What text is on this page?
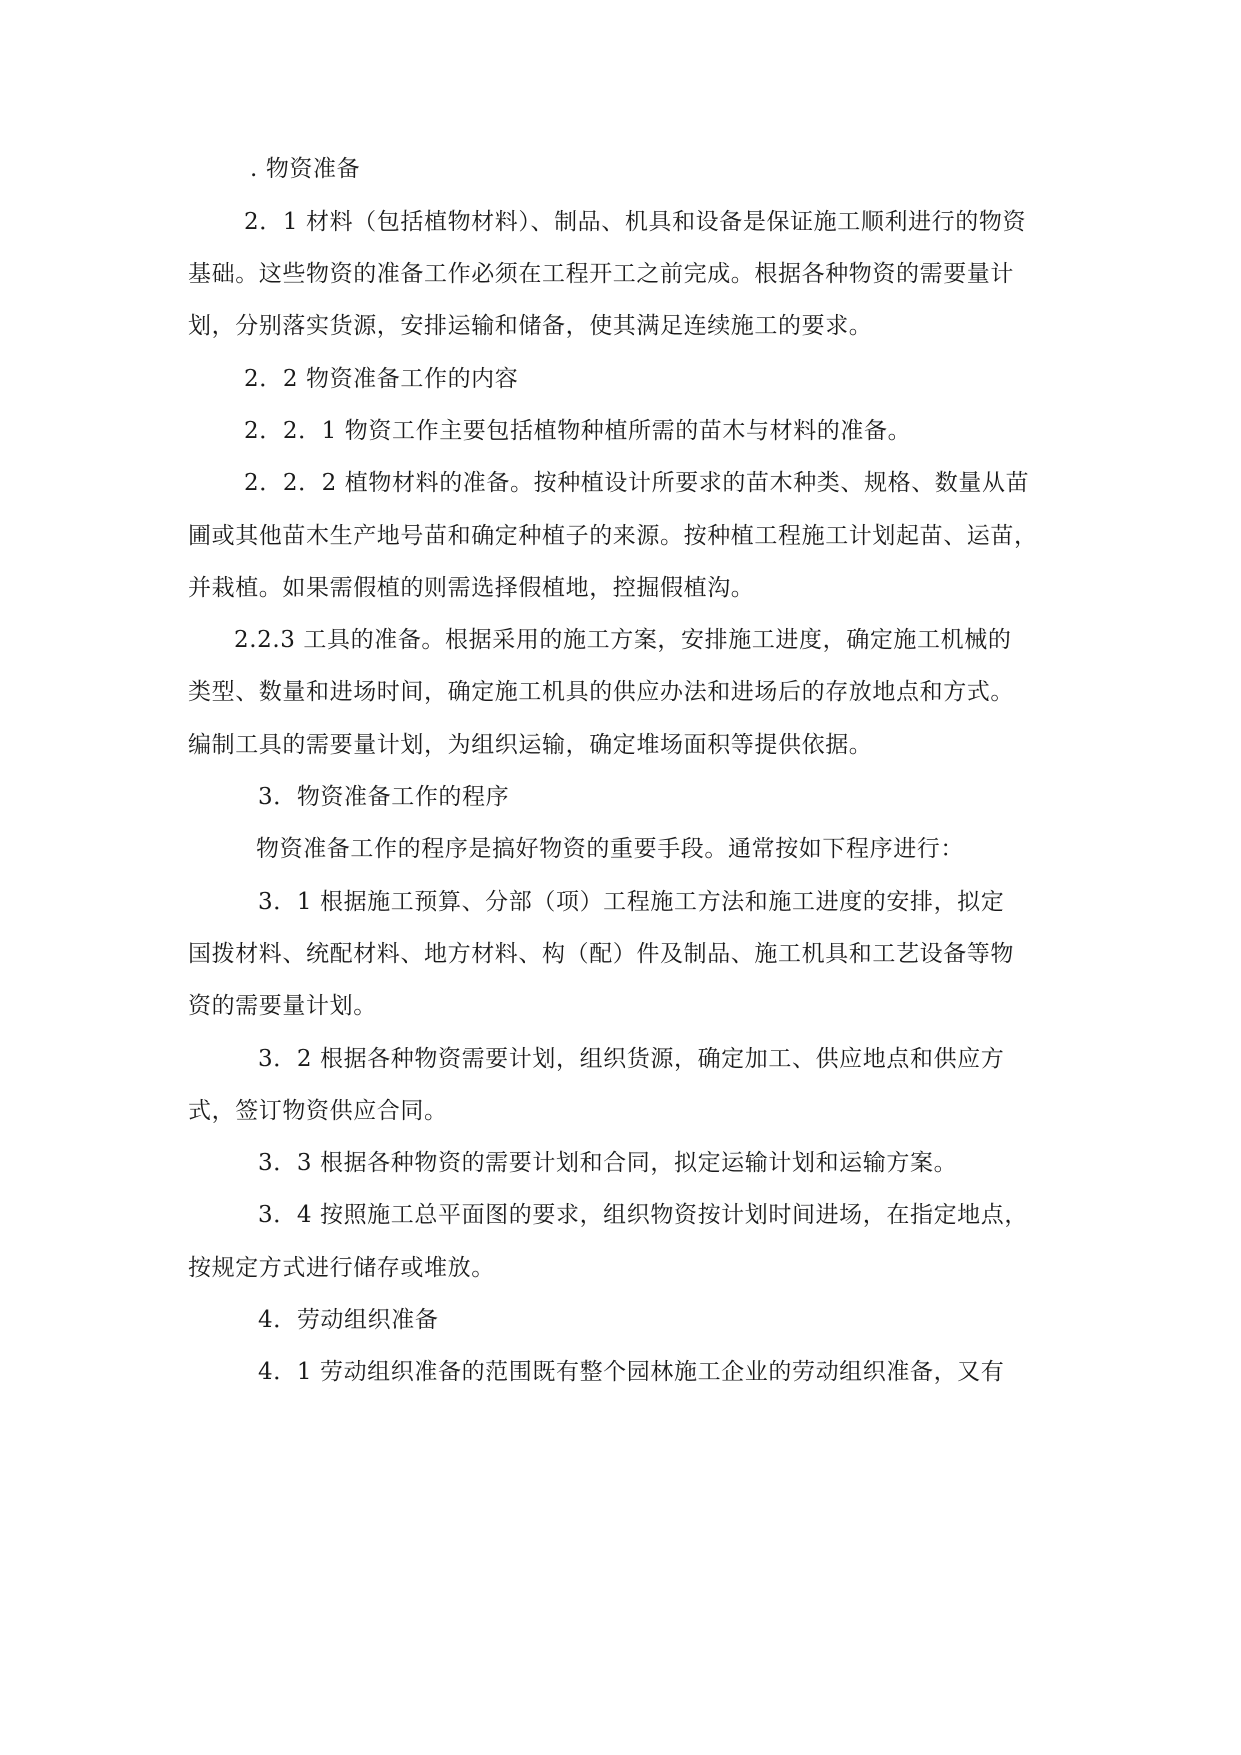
. 物资准备
2．1 材料（包括植物材料）、制品、机具和设备是保证施工顺利进行的物资
基础。这些物资的准备工作必须在工程开工之前完成。根据各种物资的需要量计
划，分别落实货源，安排运输和储备，使其满足连续施工的要求。
2．2 物资准备工作的内容
2．2．1 物资工作主要包括植物种植所需的苗木与材料的准备。
2．2．2 植物材料的准备。按种植设计所要求的苗木种类、规格、数量从苗
圃或其他苗木生产地号苗和确定种植子的来源。按种植工程施工计划起苗、运苗，
并栽植。如果需假植的则需选择假植地，控掘假植沟。
2.2.3 工具的准备。根据采用的施工方案，安排施工进度，确定施工机械的
类型、数量和进场时间，确定施工机具的供应办法和进场后的存放地点和方式。
编制工具的需要量计划，为组织运输，确定堆场面积等提供依据。
3．物资准备工作的程序
物资准备工作的程序是搞好物资的重要手段。通常按如下程序进行：
3．1 根据施工预算、分部（项）工程施工方法和施工进度的安排，拟定
国拨材料、统配材料、地方材料、构（配）件及制品、施工机具和工艺设备等物
资的需要量计划。
3．2 根据各种物资需要计划，组织货源，确定加工、供应地点和供应方
式，签订物资供应合同。
3．3 根据各种物资的需要计划和合同，拟定运输计划和运输方案。
3．4 按照施工总平面图的要求，组织物资按计划时间进场，在指定地点，
按规定方式进行储存或堆放。
4．劳动组织准备
4．1 劳动组织准备的范围既有整个园林施工企业的劳动组织准备，又有
